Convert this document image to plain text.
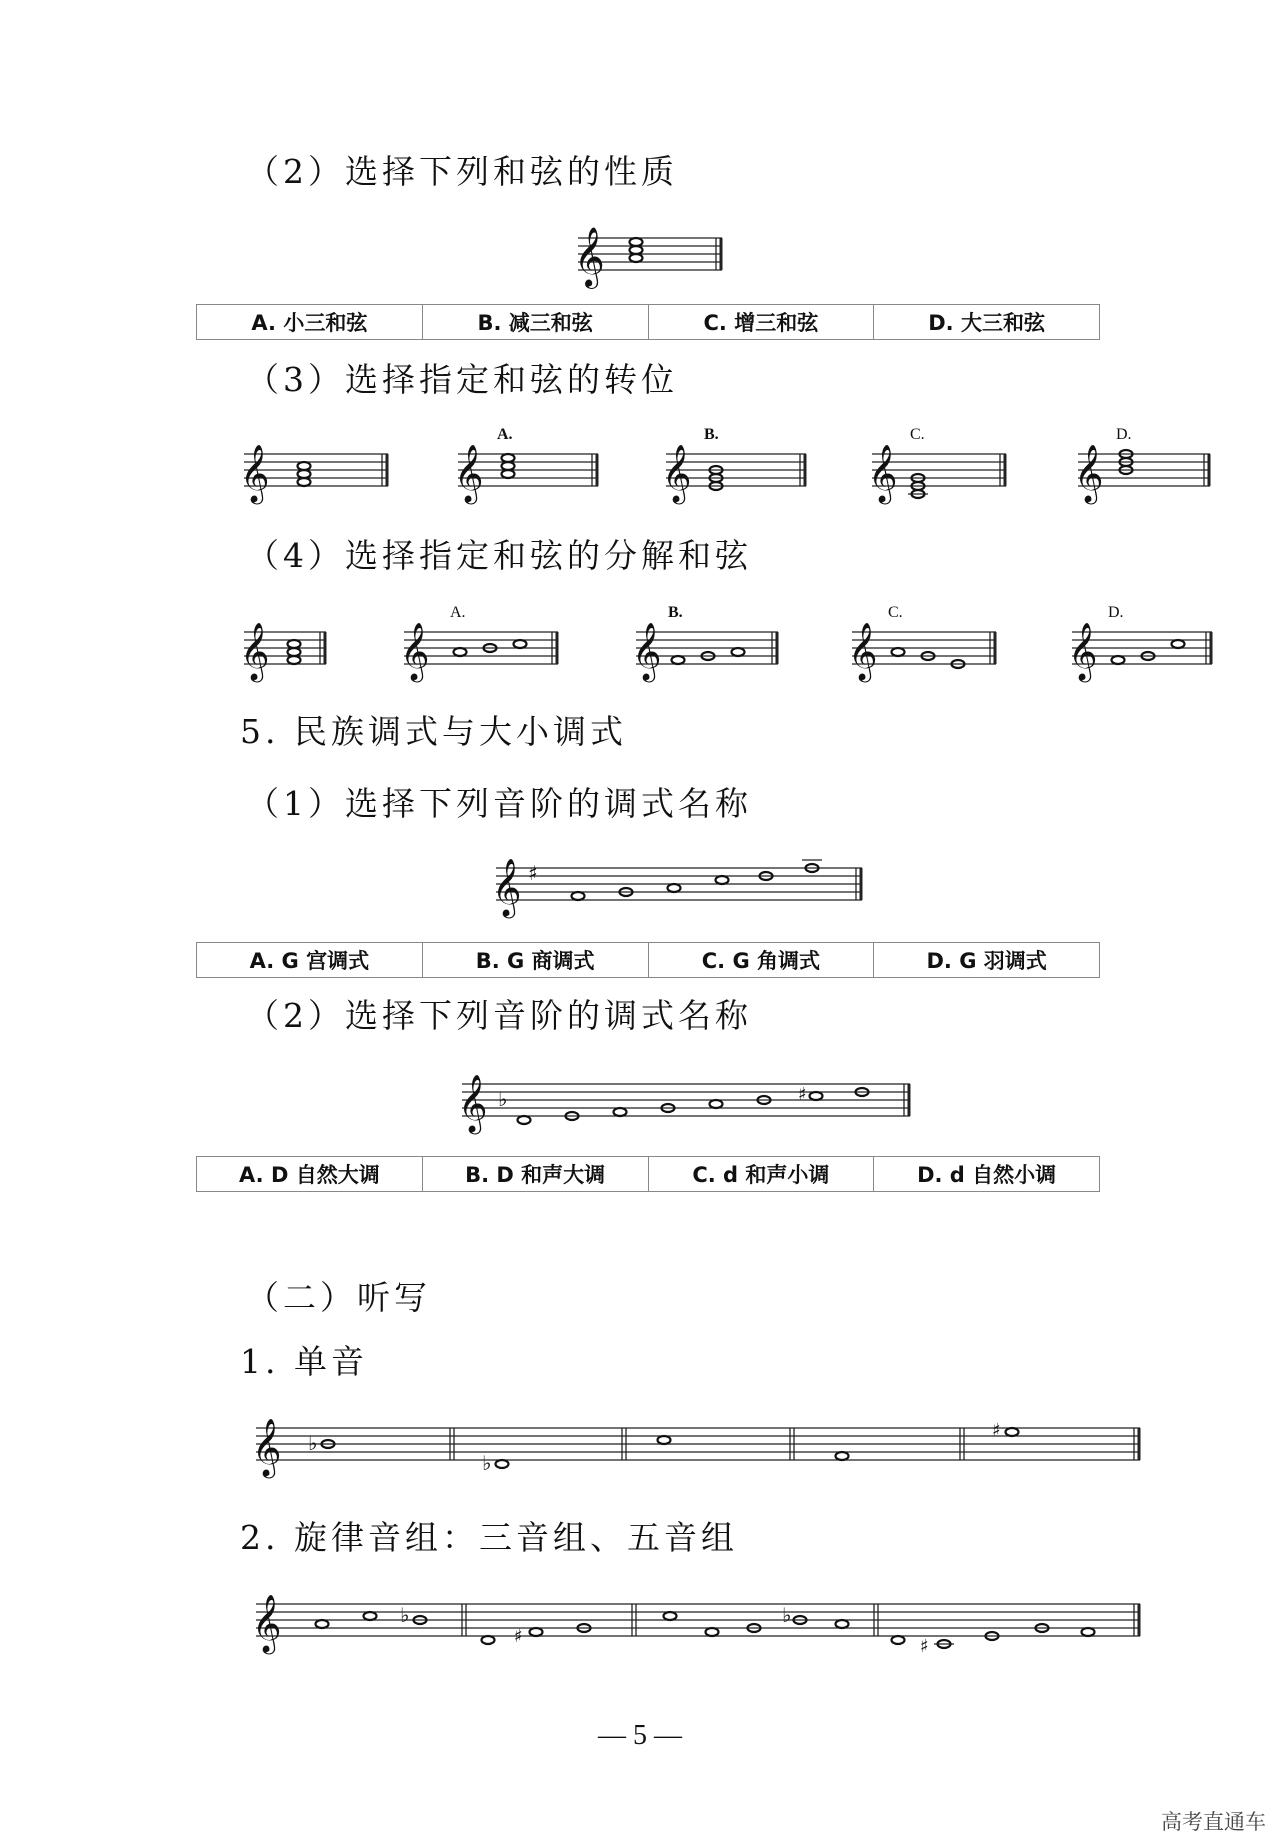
（2）选择下列和弦的性质
𝄞
A. 小三和弦	B. 减三和弦	C. 增三和弦	D. 大三和弦
（3）选择指定和弦的转位
𝄞
A.
𝄞
B.
𝄞
C.
𝄞
D.
𝄞
（4）选择指定和弦的分解和弦
𝄞
A.
𝄞
B.
𝄞
C.
𝄞
D.
𝄞
5. 民族调式与大小调式
（1）选择下列音阶的调式名称
𝄞 ♯
A. G 宫调式	B. G 商调式	C. G 角调式	D. G 羽调式
（2）选择下列音阶的调式名称
𝄞 ♭	♯
A. D 自然大调	B. D 和声大调	C. d 和声小调	D. d 自然小调
（二）听写
1. 单音
𝄞 ♭
♭
♯
2. 旋律音组：三音组、五音组
𝄞	♭
♯
♭
♯
— 5 —
高考直通车
